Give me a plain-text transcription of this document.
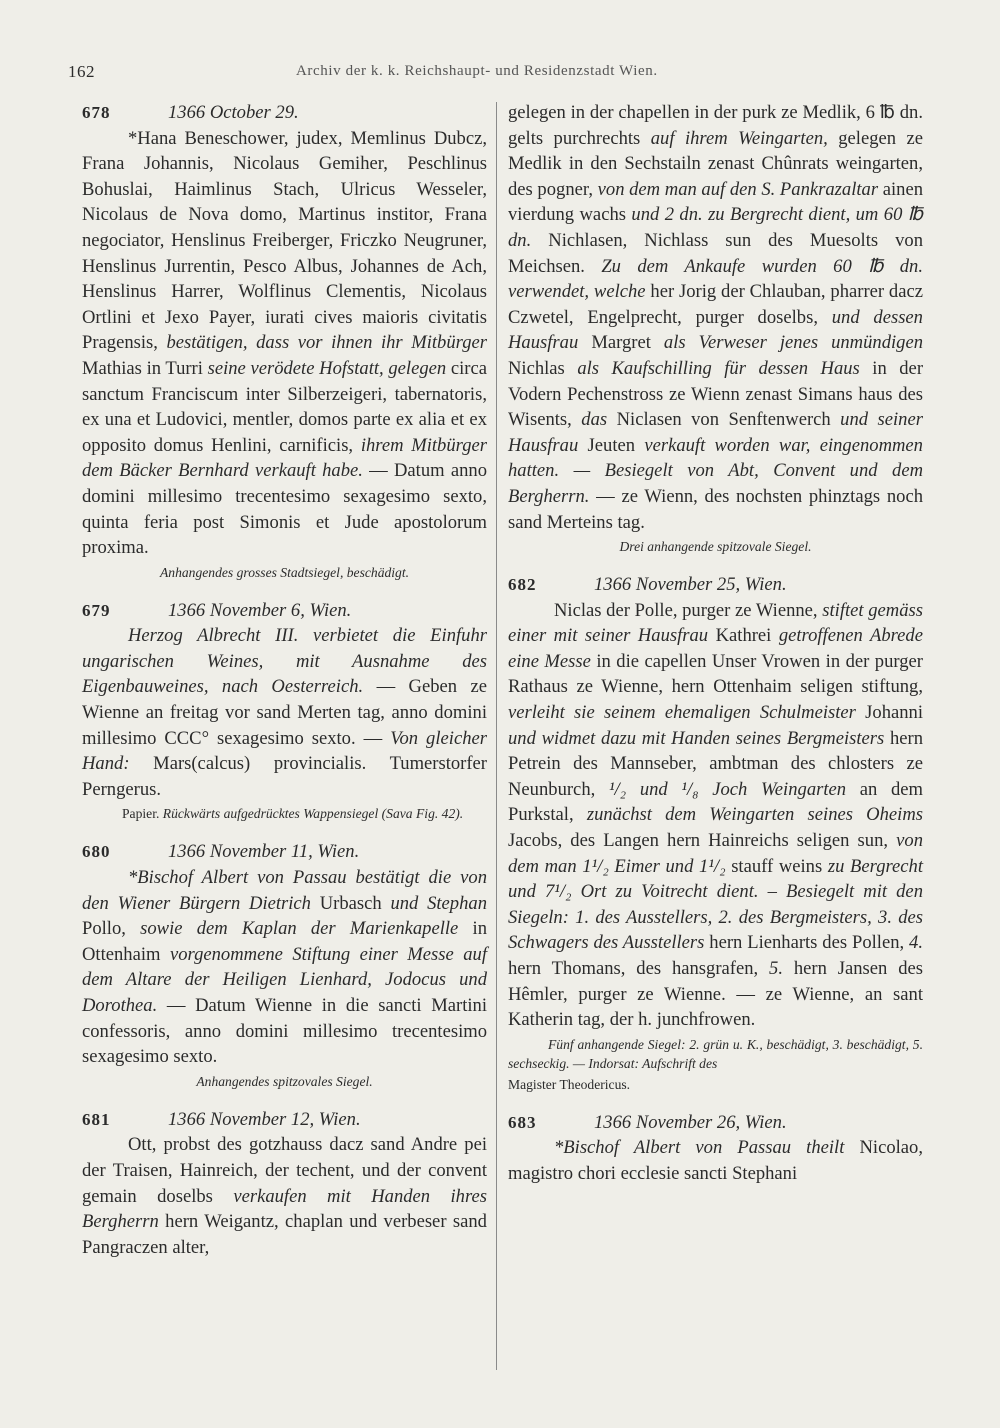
162	Archiv der k. k. Reichshaupt- und Residenzstadt Wien.

678	1366 October 29.

*Hana Beneschower, judex, Memlinus Dubcz, Frana Johannis, Nicolaus Gemiher, Peschlinus Bohuslai, Haimlinus Stach, Ulricus Wesseler, Nicolaus de Nova domo, Martinus institor, Frana negociator, Henslinus Freiberger, Friczko Neugruner, Henslinus Jurrentin, Pesco Albus, Johannes de Ach, Henslinus Harrer, Wolflinus Clementis, Nicolaus Ortlini et Jexo Payer, iurati cives maioris civitatis Pragensis, bestätigen, dass vor ihnen ihr Mitbürger Mathias in Turri seine verödete Hofstatt, gelegen circa sanctum Franciscum inter Silberzeigeri, tabernatoris, ex una et Ludovici, mentler, domos parte ex alia et ex opposito domus Henlini, carnificis, ihrem Mitbürger dem Bäcker Bernhard verkauft habe. — Datum anno domini millesimo trecentesimo sexagesimo sexto, quinta feria post Simonis et Jude apostolorum proxima.

Anhangendes grosses Stadtsiegel, beschädigt.

679	1366 November 6, Wien.

Herzog Albrecht III. verbietet die Einfuhr ungarischen Weines, mit Ausnahme des Eigenbauweines, nach Oesterreich. — Geben ze Wienne an freitag vor sand Merten tag, anno domini millesimo CCC° sexagesimo sexto. — Von gleicher Hand: Mars(calcus) provincialis. Tumerstorfer Perngerus.

Papier. Rückwärts aufgedrücktes Wappensiegel (Sava Fig. 42).

680	1366 November 11, Wien.

*Bischof Albert von Passau bestätigt die von den Wiener Bürgern Dietrich Urbasch und Stephan Pollo, sowie dem Kaplan der Marienkapelle in Ottenhaim vorgenommene Stiftung einer Messe auf dem Altare der Heiligen Lienhard, Jodocus und Dorothea. — Datum Wienne in die sancti Martini confessoris, anno domini millesimo trecentesimo sexagesimo sexto.

Anhangendes spitzovales Siegel.

681	1366 November 12, Wien.

Ott, probst des gotzhauss dacz sand Andre pei der Traisen, Hainreich, der techent, und der convent gemain doselbs verkaufen mit Handen ihres Bergherrn hern Weigantz, chaplan und verbeser sand Pangraczen alter,

gelegen in der chapellen in der purk ze Medlik, 6 ℔ dn. gelts purchrechts auf ihrem Weingarten, gelegen ze Medlik in den Sechstailn zenast Chûnrats weingarten, des pogner, von dem man auf den S. Pankrazaltar ainen vierdung wachs und 2 dn. zu Bergrecht dient, um 60 ℔ dn. Nichlasen, Nichlass sun des Muesolts von Meichsen. Zu dem Ankaufe wurden 60 ℔ dn. verwendet, welche her Jorig der Chlauban, pharrer dacz Czwetel, Engelprecht, purger doselbs, und dessen Hausfrau Margret als Verweser jenes unmündigen Nichlas als Kaufschilling für dessen Haus in der Vodern Pechenstross ze Wienn zenast Simans haus des Wisents, das Niclasen von Senftenwerch und seiner Hausfrau Jeuten verkauft worden war, eingenommen hatten. — Besiegelt von Abt, Convent und dem Bergherrn. — ze Wienn, des nochsten phinztags noch sand Merteins tag.

Drei anhangende spitzovale Siegel.

682	1366 November 25, Wien.

Niclas der Polle, purger ze Wienne, stiftet gemäss einer mit seiner Hausfrau Kathrei getroffenen Abrede eine Messe in die capellen Unser Vrowen in der purger Rathaus ze Wienne, hern Ottenhaim seligen stiftung, verleiht sie seinem ehemaligen Schulmeister Johanni und widmet dazu mit Handen seines Bergmeisters hern Petrein des Mannseber, ambtman des chlosters ze Neunburch, ¹/₂ und ¹/₈ Joch Weingarten an dem Purkstal, zunächst dem Weingarten seines Oheims Jacobs, des Langen hern Hainreichs seligen sun, von dem man 1¹/₂ Eimer und 1¹/₂ stauff weins zu Bergrecht und 7¹/₂ Ort zu Voitrecht dient. – Besiegelt mit den Siegeln: 1. des Ausstellers, 2. des Bergmeisters, 3. des Schwagers des Ausstellers hern Lienharts des Pollen, 4. hern Thomans, des hansgrafen, 5. hern Jansen des Hêmler, purger ze Wienne. — ze Wienne, an sant Katherin tag, der h. junchfrowen.

Fünf anhangende Siegel: 2. grün u. K., beschädigt, 3. beschädigt, 5. sechseckig. — Indorsat: Aufschrift des

Magister Theodericus.

683	1366 November 26, Wien.

*Bischof Albert von Passau theilt Nicolao, magistro chori ecclesie sancti Stephani
